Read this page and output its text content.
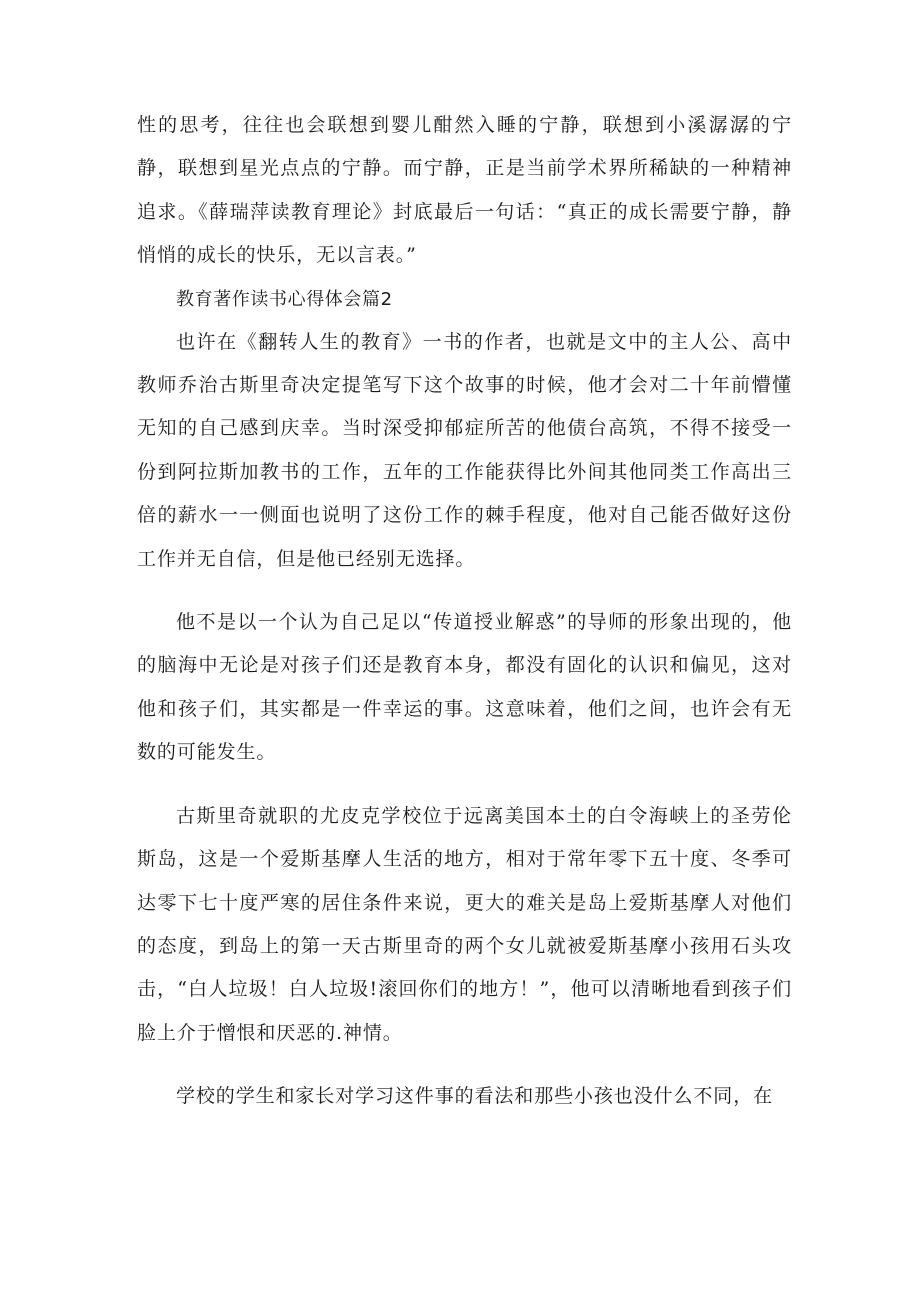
性的思考，往往也会联想到婴儿酣然入睡的宁静，联想到小溪潺潺的宁静，联想到星光点点的宁静。而宁静，正是当前学术界所稀缺的一种精神追求。《薛瑞萍读教育理论》封底最后一句话：“真正的成长需要宁静，静悄悄的成长的快乐，无以言表。”

教育著作读书心得体会篇2

也许在《翻转人生的教育》一书的作者，也就是文中的主人公、高中教师乔治古斯里奇决定提笔写下这个故事的时候，他才会对二十年前懵懂无知的自己感到庆幸。当时深受抑郁症所苦的他债台高筑，不得不接受一份到阿拉斯加教书的工作，五年的工作能获得比外间其他同类工作高出三倍的薪水一一侧面也说明了这份工作的棘手程度，他对自己能否做好这份工作并无自信，但是他已经别无选择。

他不是以一个认为自己足以“传道授业解惑”的导师的形象出现的，他的脑海中无论是对孩子们还是教育本身，都没有固化的认识和偏见，这对他和孩子们，其实都是一件幸运的事。这意味着，他们之间，也许会有无数的可能发生。

古斯里奇就职的尤皮克学校位于远离美国本土的白令海峡上的圣劳伦斯岛，这是一个爱斯基摩人生活的地方，相对于常年零下五十度、冬季可达零下七十度严寒的居住条件来说，更大的难关是岛上爱斯基摩人对他们的态度，到岛上的第一天古斯里奇的两个女儿就被爱斯基摩小孩用石头攻击，“白人垃圾！白人垃圾!滚回你们的地方！”，他可以清晰地看到孩子们脸上介于憎恨和厌恶的.神情。

学校的学生和家长对学习这件事的看法和那些小孩也没什么不同，在
